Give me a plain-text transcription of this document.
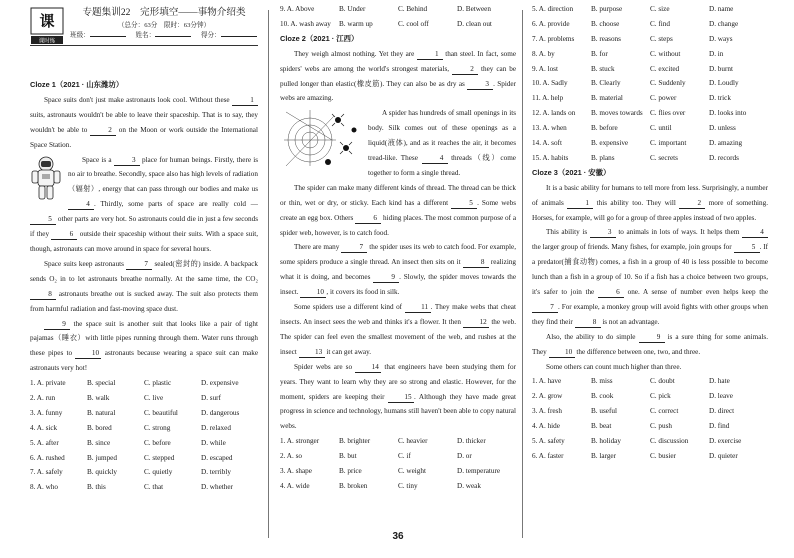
课
课时练
专题集训22　完形填空——事物介绍类
（总分：63分　限时：63分钟）
班级：	姓名：	得分：
Cloze 1（2021 · 山东潍坊）

Space suits don't just make astronauts look cool. Without these	1 suits, astronauts wouldn't be able to leave their spaceship. That is to say, they wouldn't be able to	2 on the Moon or work outside the International Space Station.

Space is a	3 place for human beings. Firstly, there is no air to breathe. Secondly, space also has high levels of radiation（辐射）, energy that can pass through our bodies and make us 4 . Thirdly, some parts of space are really cold — 5 other parts are very hot. So astronauts could die in just a few seconds if they	6 outside their spaceship without their suits. With a space suit, though, astronauts can move around in space for several hours.

Space suits keep astronauts	7 sealed(密封的) inside. A backpack sends O₂ in to let astronauts breathe normally. At the same time, the CO₂ 8 astronauts breathe out is sucked away. The suit also protects them from harmful radiation and fast-moving space dust.

9 the space suit is another suit that looks like a pair of tight pajamas（睡衣）with little pipes running through them. Water runs through these pipes to	10 astronauts because wearing a space suit can make astronauts very hot!

1. A. private	B. special	C. plastic	D. expensive
2. A. run	B. walk	C. live	D. surf
3. A. funny	B. natural	C. beautiful	D. dangerous
4. A. sick	B. bored	C. strong	D. relaxed
5. A. after	B. since	C. before	D. while
6. A. rushed	B. jumped	C. stepped	D. escaped
7. A. safely	B. quickly	C. quietly	D. terribly
8. A. who	B. this	C. that	D. whether
9. A. Above	B. Under	C. Behind	D. Between
10. A. wash away	B. warm up	C. cool off	D. clean out
Cloze 2（2021 · 江西）

They weigh almost nothing. Yet they are	1 than steel. In fact, some spiders' webs are among the world's strongest materials,	2 they can be pulled longer than elastic(橡皮筋). They can also be as dry as	3 . Spider webs are amazing.

A spider has hundreds of small openings in its body. Silk comes out of these openings as a liquid(液体), and as it reaches the air, it becomes tread-like. These	4 threads（线）come together to form a single thread.

The spider can make many different kinds of thread. The thread can be thick or thin, wet or dry, or sticky. Each kind has a different	5 . Some webs create an egg box. Others	6 hiding places. The most common purpose of a spider web, however, is to catch food.

There are many	7 the spider uses its web to catch food. For example, some spiders produce a single thread. An insect then sits on it	8 realizing what it is doing, and becomes	9 . Slowly, the spider moves towards the insect.	10 , it covers its food in silk.

Some spiders use a different kind of	11 . They make webs that cheat insects. An insect sees the web and thinks it's a flower. It then	12 the web. The spider can feel even the smallest movement of the web, and rushes at the insect	13 it can get away.

Spider webs are so	14 that engineers have been studying them for years. They want to learn why they are so strong and elastic. However, for the moment, spiders are keeping their	15 . Although they have made great progress in science and technology, humans still haven't been able to copy natural webs.

1. A. stronger	B. brighter	C. heavier	D. thicker
2. A. so	B. but	C. if	D. or
3. A. shape	B. price	C. weight	D. temperature
4. A. wide	B. broken	C. tiny	D. weak
5. A. direction	B. purpose	C. size	D. name
6. A. provide	B. choose	C. find	D. change
7. A. problems	B. reasons	C. steps	D. ways
8. A. by	B. for	C. without	D. in
9. A. lost	B. stuck	C. excited	D. burnt
10. A. Sadly	B. Clearly	C. Suddenly	D. Loudly
11. A. help	B. material	C. power	D. trick
12. A. lands on	B. moves towards	C. flies over	D. looks into
13. A. when	B. before	C. until	D. unless
14. A. soft	B. expensive	C. important	D. amazing
15. A. habits	B. plans	C. secrets	D. records
Cloze 3（2021 · 安徽）

It is a basic ability for humans to tell more from less. Surprisingly, a number of animals	1 this ability too. They will	2 more of something. Horses, for example, will go for a group of three apples instead of two apples.

This ability is	3 to animals in lots of ways. It helps them	4 the larger group of friends. Many fishes, for example, join groups for	5 . If a predator(捕食动物) comes, a fish in a group of 40 is less possible to become lunch than a fish in a group of 10. So if a fish has a choice between two groups, it's safer to join the	6 one. A sense of number even helps keep the 7 . For example, a monkey group will avoid fights with other groups when they find their	8 is not an advantage.

Also, the ability to do simple	9 is a sure thing for some animals. They	10 the difference between one, two, and three.

Some others can count much higher than three.

1. A. have	B. miss	C. doubt	D. hate
2. A. grow	B. cook	C. pick	D. leave
3. A. fresh	B. useful	C. correct	D. direct
4. A. hide	B. beat	C. push	D. find
5. A. safety	B. holiday	C. discussion	D. exercise
6. A. faster	B. larger	C. busier	D. quieter
36
